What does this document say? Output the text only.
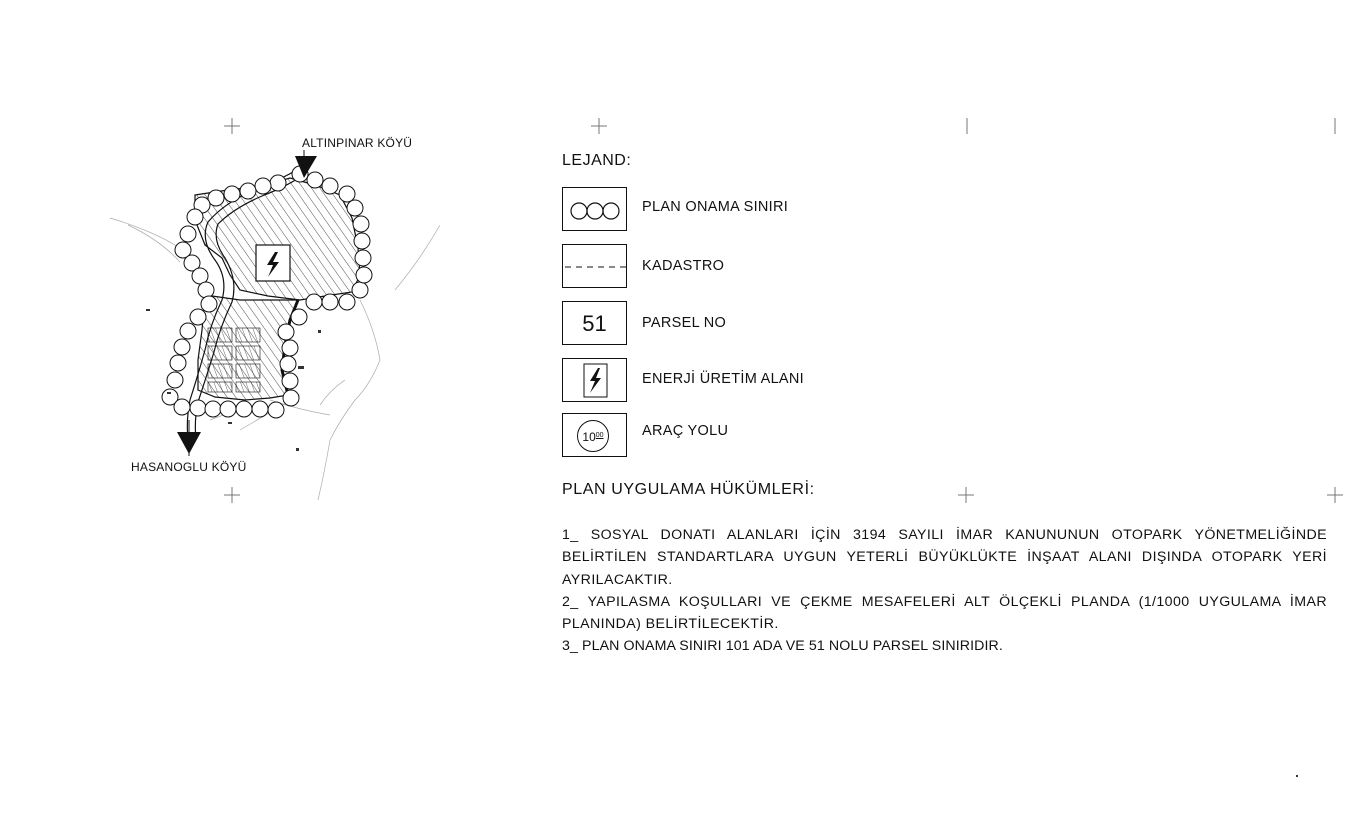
ALTINPINAR KÖYÜ
HASANOGLU KÖYÜ
LEJAND:
PLAN ONAMA SINIRI
KADASTRO
51	PARSEL NO
ENERJİ ÜRETİM ALANI
$10^{00}$	ARAÇ YOLU
PLAN UYGULAMA HÜKÜMLERİ:

1_ SOSYAL DONATI ALANLARI İÇİN 3194 SAYILI İMAR KANUNUNUN OTOPARK YÖNETMELİĞİNDE BELİRTİLEN STANDARTLARA UYGUN YETERLİ BÜYÜKLÜKTE İNŞAAT ALANI DIŞINDA OTOPARK YERİ AYRILACAKTIR.

2_ YAPILASMA KOŞULLARI VE ÇEKME MESAFELERİ ALT ÖLÇEKLİ PLANDA (1/1000 UYGULAMA İMAR PLANINDA) BELİRTİLECEKTİR.

3_ PLAN ONAMA SINIRI 101 ADA VE 51 NOLU PARSEL SINIRIDIR.
